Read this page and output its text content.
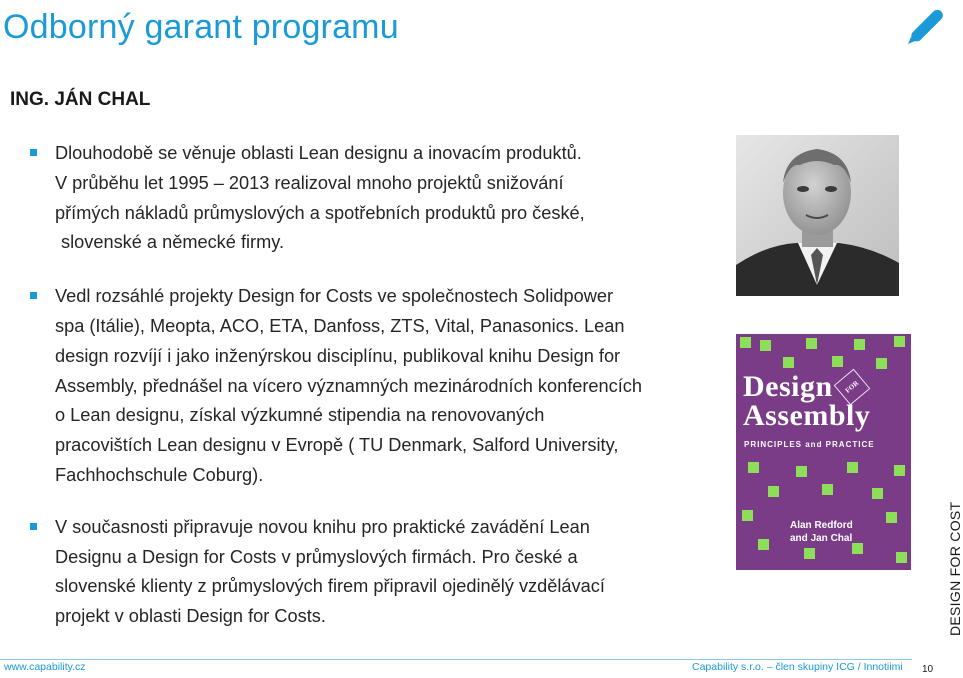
Odborný garant programu
ING. JÁN CHAL
Dlouhodobě se věnuje oblasti Lean designu a inovacím produktů.
V průběhu let 1995 – 2013 realizoval mnoho projektů snižování
přímých nákladů průmyslových a spotřebních produktů pro české,
slovenské a německé firmy.
Vedl rozsáhlé projekty Design for Costs ve společnostech Solidpower
spa (Itálie), Meopta, ACO, ETA, Danfoss, ZTS, Vital, Panasonics. Lean
design rozvíjí i jako inženýrskou disciplínu, publikoval knihu Design for
Assembly, přednášel na vícero významných mezinárodních konferencích
o Lean designu, získal výzkumné stipendia na renovovaných
pracovištích Lean designu v Evropě ( TU Denmark, Salford University,
Fachhochschule Coburg).
V současnosti připravuje novou knihu pro praktické zavádění Lean
Designu a Design for Costs v průmyslových firmách. Pro české a
slovenské klienty z průmyslových firem připravil ojedinělý vzdělávací
projekt v oblasti Design for Costs.
Design	FOR
Assembly
PRINCIPLES and PRACTICE
Alan Redford
and Jan Chal	DESIGN FOR COST
www.capability.cz	Capability s.r.o. – člen skupiny ICG / Innotiimi 10
